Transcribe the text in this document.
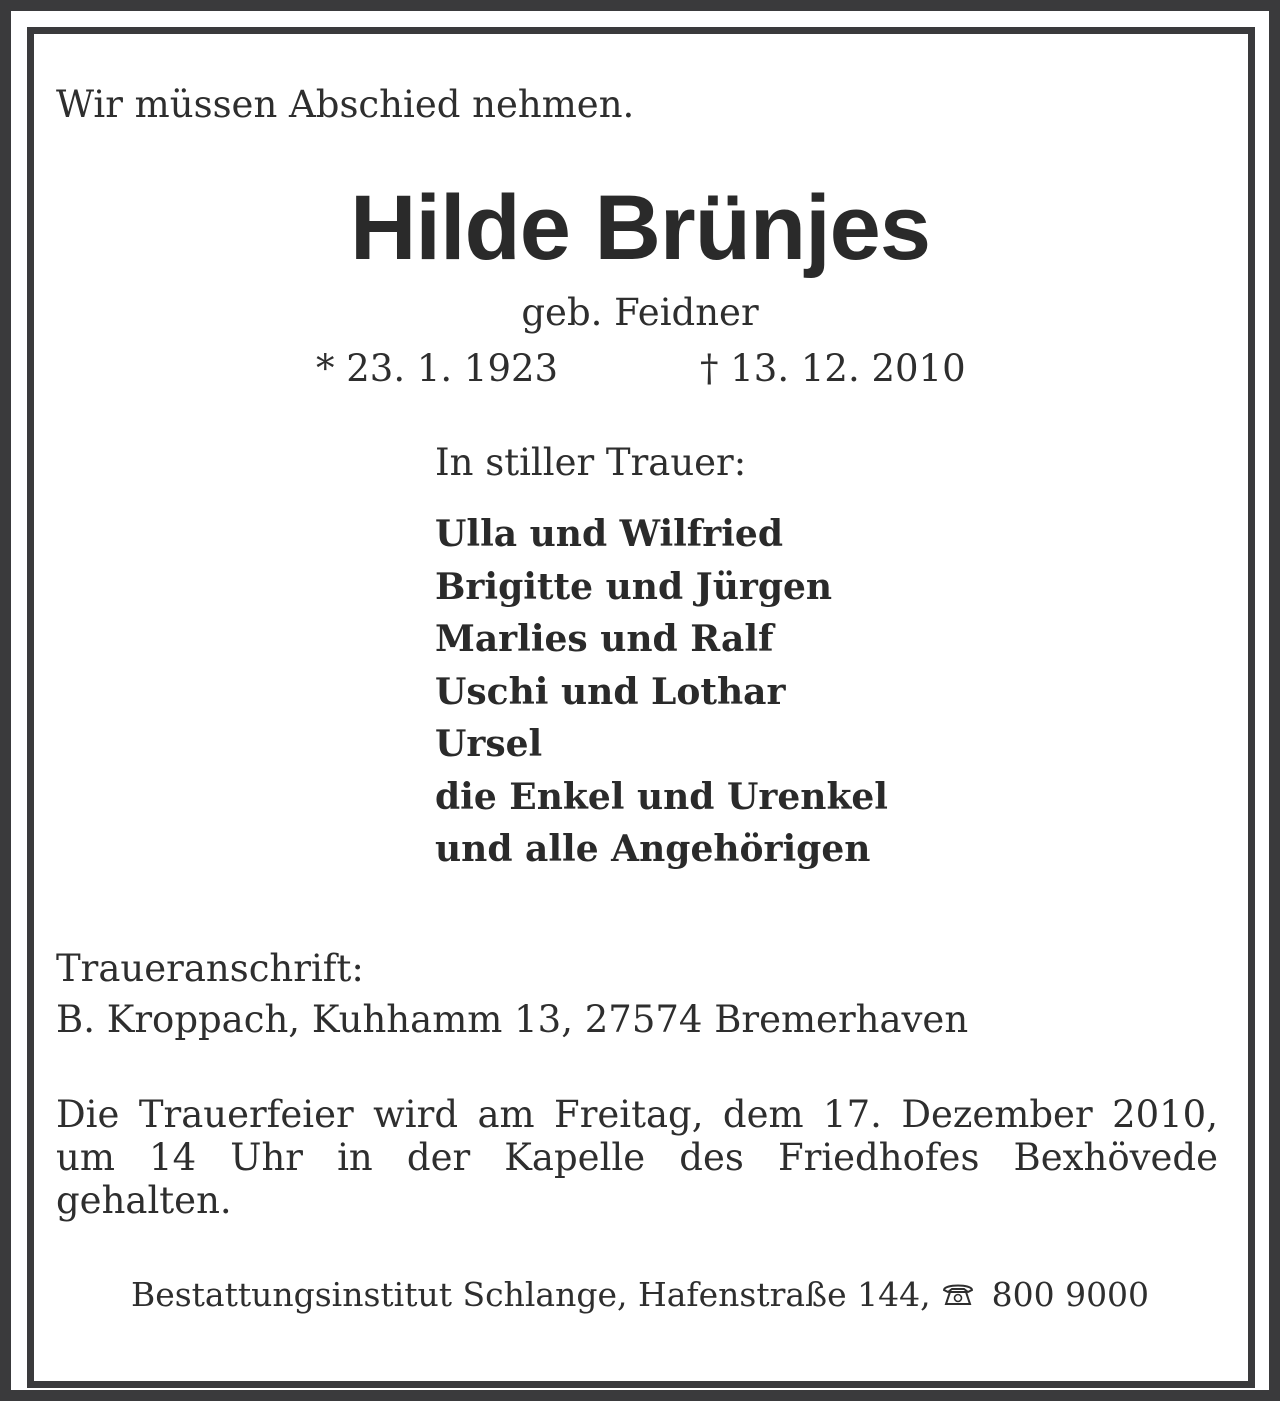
Wir müssen Abschied nehmen.

Hilde Brünjes

geb. Feidner

* 23. 1. 1923	† 13. 12. 2010

In stiller Trauer:

Ulla und Wilfried
Brigitte und Jürgen
Marlies und Ralf
Uschi und Lothar
Ursel
die Enkel und Urenkel
und alle Angehörigen

Traueranschrift:

B. Kroppach, Kuhhamm 13, 27574 Bremerhaven

Die Trauerfeier wird am Freitag, dem 17. Dezember 2010,
um 14 Uhr in der Kapelle des Friedhofes Bexhövede
gehalten.

Bestattungsinstitut Schlange, Hafenstraße 144, 800 9000
